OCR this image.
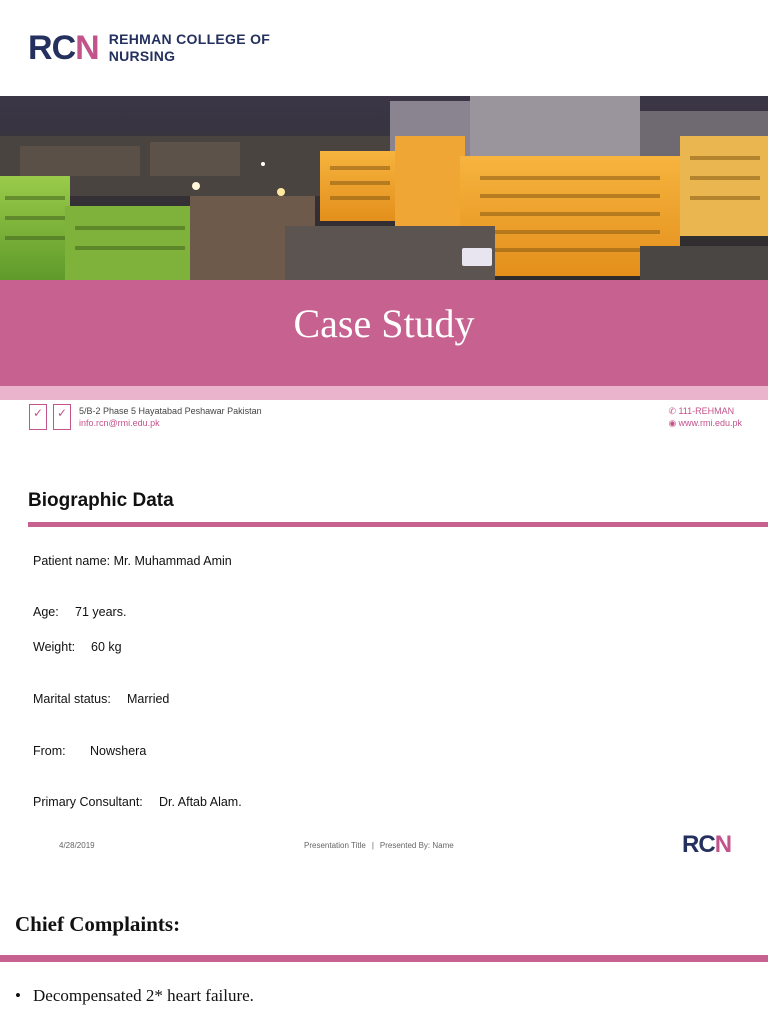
RCN REHMAN COLLEGE OF
NURSING
Case Study
✓	✓	5/B-2 Phase 5 Hayatabad Peshawar Pakistan
info.rcn@rmi.edu.pk
✆ 111-REHMAN
◉ www.rmi.edu.pk
Biographic Data
Patient name: Mr. Muhammad Amin
Age: 71 years.
Weight: 60 kg
Marital status: Married
From: Nowshera
Primary Consultant: Dr. Aftab Alam.
4/28/2019	Presentation Title | Presented By: Name	RCN
Chief Complaints:
• Decompensated 2* heart failure.
